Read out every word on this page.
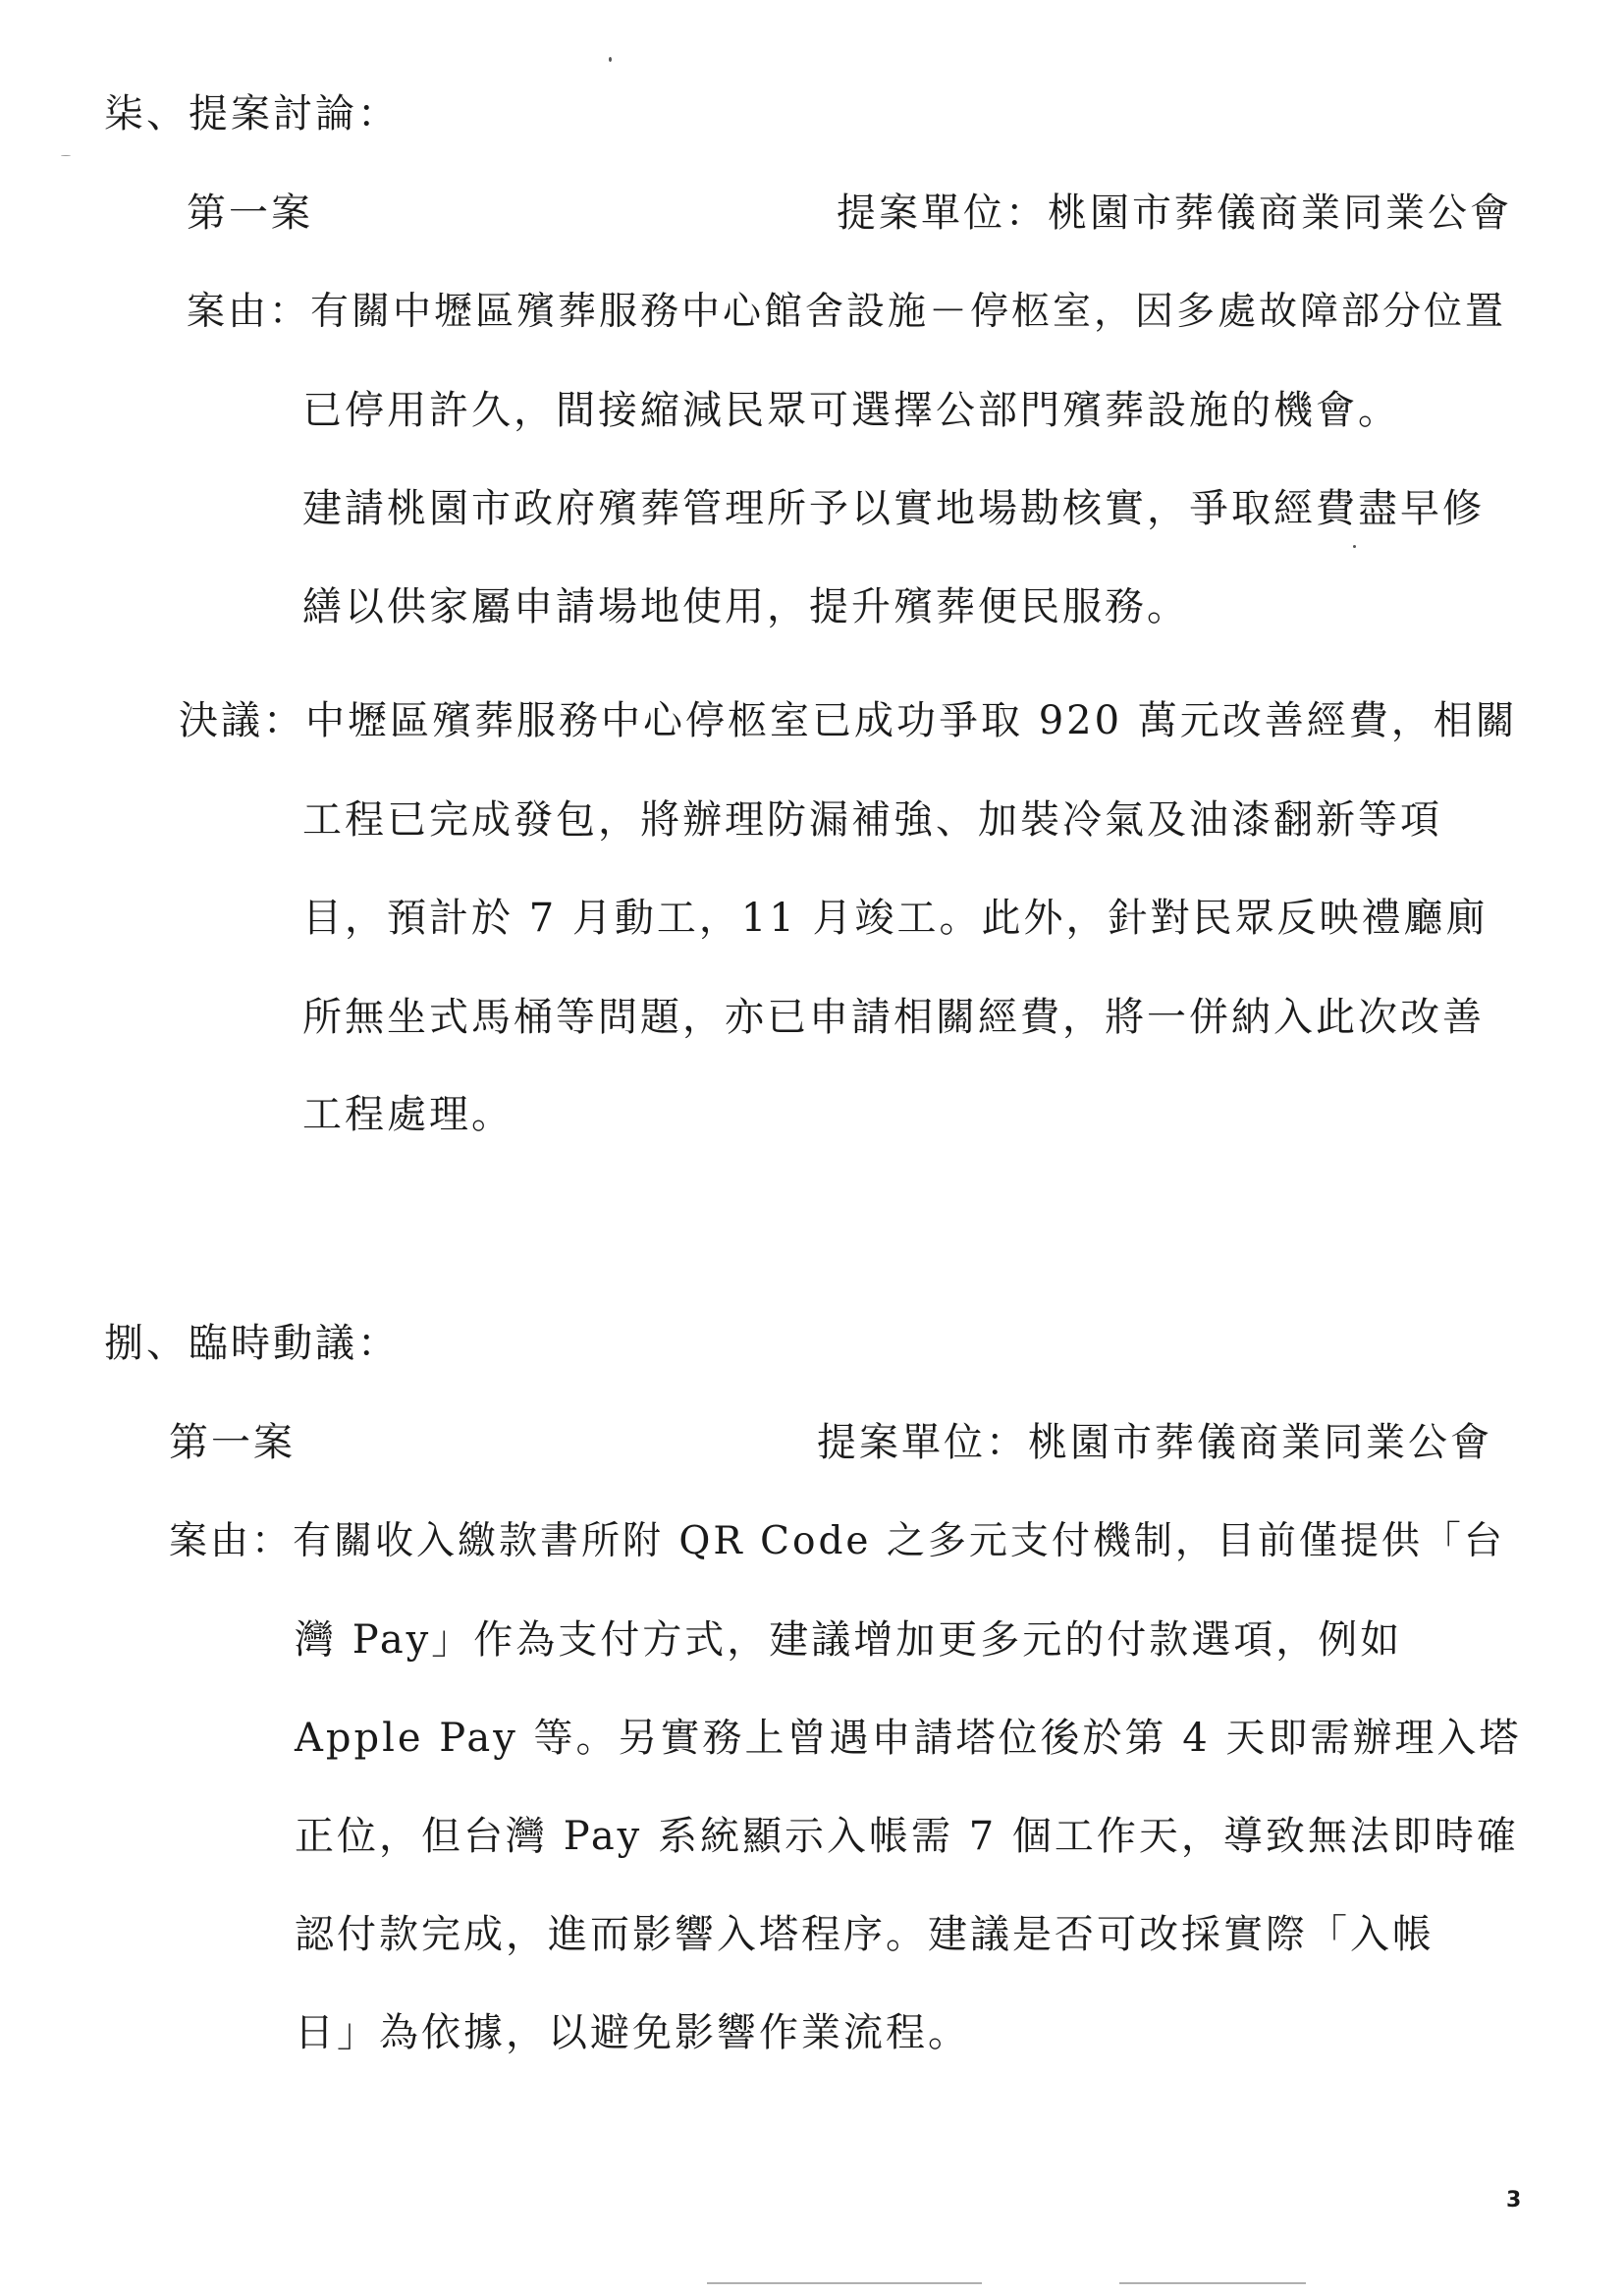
柒、提案討論：
第一案	提案單位：桃園市葬儀商業同業公會
案由：有關中壢區殯葬服務中心館舍設施－停柩室，因多處故障部分位置
已停用許久，間接縮減民眾可選擇公部門殯葬設施的機會。
建請桃園市政府殯葬管理所予以實地場勘核實，爭取經費盡早修
繕以供家屬申請場地使用，提升殯葬便民服務。
決議：中壢區殯葬服務中心停柩室已成功爭取 920 萬元改善經費，相關
工程已完成發包，將辦理防漏補強、加裝冷氣及油漆翻新等項
目，預計於 7 月動工，11 月竣工。此外，針對民眾反映禮廳廁
所無坐式馬桶等問題，亦已申請相關經費，將一併納入此次改善
工程處理。
捌、臨時動議：
第一案	提案單位：桃園市葬儀商業同業公會
案由：有關收入繳款書所附 QR Code 之多元支付機制，目前僅提供「台
灣 Pay」作為支付方式，建議增加更多元的付款選項，例如
Apple Pay 等。另實務上曾遇申請塔位後於第 4 天即需辦理入塔
正位，但台灣 Pay 系統顯示入帳需 7 個工作天，導致無法即時確
認付款完成，進而影響入塔程序。建議是否可改採實際「入帳
日」為依據，以避免影響作業流程。
3
